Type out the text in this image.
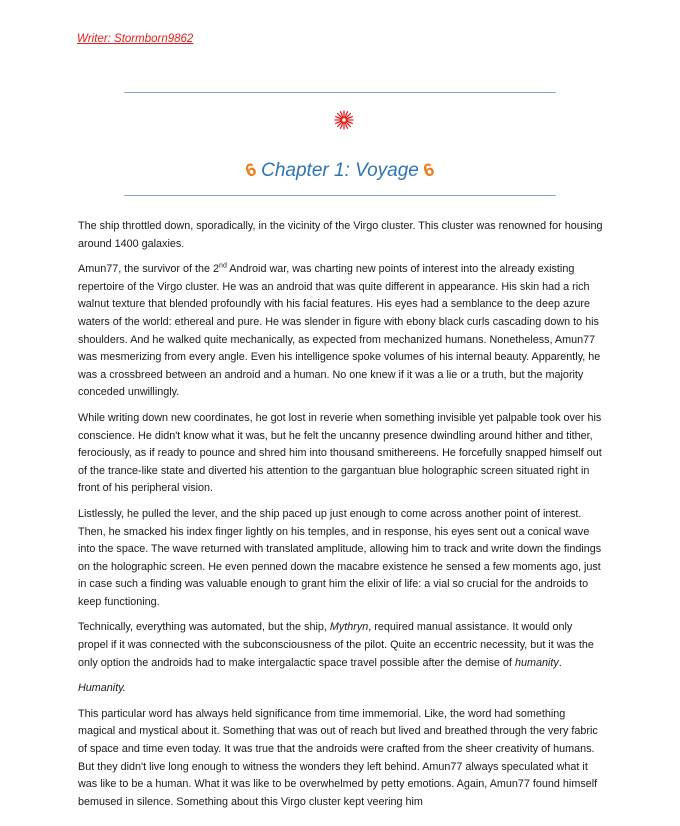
Writer: Stormborn9862
6 Chapter 1: Voyage 6

The ship throttled down, sporadically, in the vicinity of the Virgo cluster. This cluster was renowned for housing around 1400 galaxies.

Amun77, the survivor of the 2nd Android war, was charting new points of interest into the already existing repertoire of the Virgo cluster. He was an android that was quite different in appearance. His skin had a rich walnut texture that blended profoundly with his facial features. His eyes had a semblance to the deep azure waters of the world: ethereal and pure. He was slender in figure with ebony black curls cascading down to his shoulders. And he walked quite mechanically, as expected from mechanized humans. Nonetheless, Amun77 was mesmerizing from every angle. Even his intelligence spoke volumes of his internal beauty. Apparently, he was a crossbreed between an android and a human. No one knew if it was a lie or a truth, but the majority conceded unwillingly.

While writing down new coordinates, he got lost in reverie when something invisible yet palpable took over his conscience. He didn't know what it was, but he felt the uncanny presence dwindling around hither and tither, ferociously, as if ready to pounce and shred him into thousand smithereens. He forcefully snapped himself out of the trance-like state and diverted his attention to the gargantuan blue holographic screen situated right in front of his peripheral vision.

Listlessly, he pulled the lever, and the ship paced up just enough to come across another point of interest. Then, he smacked his index finger lightly on his temples, and in response, his eyes sent out a conical wave into the space. The wave returned with translated amplitude, allowing him to track and write down the findings on the holographic screen. He even penned down the macabre existence he sensed a few moments ago, just in case such a finding was valuable enough to grant him the elixir of life: a vial so crucial for the androids to keep functioning.

Technically, everything was automated, but the ship, Mythryn, required manual assistance. It would only propel if it was connected with the subconsciousness of the pilot. Quite an eccentric necessity, but it was the only option the androids had to make intergalactic space travel possible after the demise of humanity.

Humanity.

This particular word has always held significance from time immemorial. Like, the word had something magical and mystical about it. Something that was out of reach but lived and breathed through the very fabric of space and time even today. It was true that the androids were crafted from the sheer creativity of humans. But they didn't live long enough to witness the wonders they left behind. Amun77 always speculated what it was like to be a human. What it was like to be overwhelmed by petty emotions. Again, Amun77 found himself bemused in silence. Something about this Virgo cluster kept veering him
